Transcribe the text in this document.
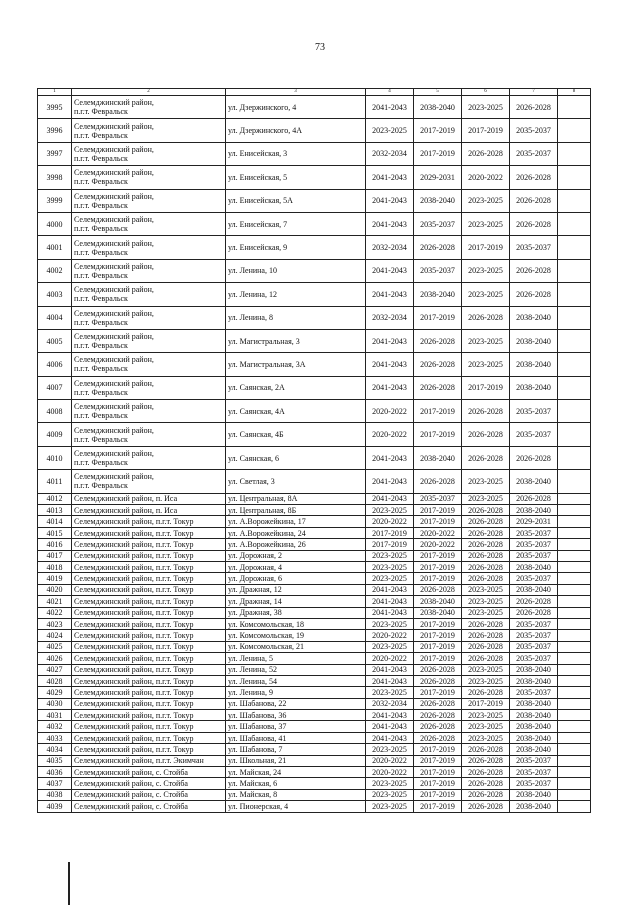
73
1	2	3	4	5	6	7	8
3995	Селемджинский район,
п.г.т. Февральск	ул. Дзержинского, 4	2041-2043	2038-2040	2023-2025	2026-2028	
3996	Селемджинский район,
п.г.т. Февральск	ул. Дзержинского, 4А	2023-2025	2017-2019	2017-2019	2035-2037	
3997	Селемджинский район,
п.г.т. Февральск	ул. Енисейская, 3	2032-2034	2017-2019	2026-2028	2035-2037	
3998	Селемджинский район,
п.г.т. Февральск	ул. Енисейская, 5	2041-2043	2029-2031	2020-2022	2026-2028	
3999	Селемджинский район,
п.г.т. Февральск	ул. Енисейская, 5А	2041-2043	2038-2040	2023-2025	2026-2028	
4000	Селемджинский район,
п.г.т. Февральск	ул. Енисейская, 7	2041-2043	2035-2037	2023-2025	2026-2028	
4001	Селемджинский район,
п.г.т. Февральск	ул. Енисейская, 9	2032-2034	2026-2028	2017-2019	2035-2037	
4002	Селемджинский район,
п.г.т. Февральск	ул. Ленина, 10	2041-2043	2035-2037	2023-2025	2026-2028	
4003	Селемджинский район,
п.г.т. Февральск	ул. Ленина, 12	2041-2043	2038-2040	2023-2025	2026-2028	
4004	Селемджинский район,
п.г.т. Февральск	ул. Ленина, 8	2032-2034	2017-2019	2026-2028	2038-2040	
4005	Селемджинский район,
п.г.т. Февральск	ул. Магистральная, 3	2041-2043	2026-2028	2023-2025	2038-2040	
4006	Селемджинский район,
п.г.т. Февральск	ул. Магистральная, 3А	2041-2043	2026-2028	2023-2025	2038-2040	
4007	Селемджинский район,
п.г.т. Февральск	ул. Саянская, 2А	2041-2043	2026-2028	2017-2019	2038-2040	
4008	Селемджинский район,
п.г.т. Февральск	ул. Саянская, 4А	2020-2022	2017-2019	2026-2028	2035-2037	
4009	Селемджинский район,
п.г.т. Февральск	ул. Саянская, 4Б	2020-2022	2017-2019	2026-2028	2035-2037	
4010	Селемджинский район,
п.г.т. Февральск	ул. Саянская, 6	2041-2043	2038-2040	2026-2028	2026-2028	
4011	Селемджинский район,
п.г.т. Февральск	ул. Светлая, 3	2041-2043	2026-2028	2023-2025	2038-2040	
4012	Селемджинский район, п. Иса	ул. Центральная, 8А	2041-2043	2035-2037	2023-2025	2026-2028	
4013	Селемджинский район, п. Иса	ул. Центральная, 8Б	2023-2025	2017-2019	2026-2028	2038-2040	
4014	Селемджинский район, п.г.т. Токур	ул. А.Ворожейкина, 17	2020-2022	2017-2019	2026-2028	2029-2031	
4015	Селемджинский район, п.г.т. Токур	ул. А.Ворожейкина, 24	2017-2019	2020-2022	2026-2028	2035-2037	
4016	Селемджинский район, п.г.т. Токур	ул. А.Ворожейкина, 26	2017-2019	2020-2022	2026-2028	2035-2037	
4017	Селемджинский район, п.г.т. Токур	ул. Дорожная, 2	2023-2025	2017-2019	2026-2028	2035-2037	
4018	Селемджинский район, п.г.т. Токур	ул. Дорожная, 4	2023-2025	2017-2019	2026-2028	2038-2040	
4019	Селемджинский район, п.г.т. Токур	ул. Дорожная, 6	2023-2025	2017-2019	2026-2028	2035-2037	
4020	Селемджинский район, п.г.т. Токур	ул. Дражная, 12	2041-2043	2026-2028	2023-2025	2038-2040	
4021	Селемджинский район, п.г.т. Токур	ул. Дражная, 14	2041-2043	2038-2040	2023-2025	2026-2028	
4022	Селемджинский район, п.г.т. Токур	ул. Дражная, 38	2041-2043	2038-2040	2023-2025	2026-2028	
4023	Селемджинский район, п.г.т. Токур	ул. Комсомольская, 18	2023-2025	2017-2019	2026-2028	2035-2037	
4024	Селемджинский район, п.г.т. Токур	ул. Комсомольская, 19	2020-2022	2017-2019	2026-2028	2035-2037	
4025	Селемджинский район, п.г.т. Токур	ул. Комсомольская, 21	2023-2025	2017-2019	2026-2028	2035-2037	
4026	Селемджинский район, п.г.т. Токур	ул. Ленина, 5	2020-2022	2017-2019	2026-2028	2035-2037	
4027	Селемджинский район, п.г.т. Токур	ул. Ленина, 52	2041-2043	2026-2028	2023-2025	2038-2040	
4028	Селемджинский район, п.г.т. Токур	ул. Ленина, 54	2041-2043	2026-2028	2023-2025	2038-2040	
4029	Селемджинский район, п.г.т. Токур	ул. Ленина, 9	2023-2025	2017-2019	2026-2028	2035-2037	
4030	Селемджинский район, п.г.т. Токур	ул. Шабанова, 22	2032-2034	2026-2028	2017-2019	2038-2040	
4031	Селемджинский район, п.г.т. Токур	ул. Шабанова, 36	2041-2043	2026-2028	2023-2025	2038-2040	
4032	Селемджинский район, п.г.т. Токур	ул. Шабанова, 37	2041-2043	2026-2028	2023-2025	2038-2040	
4033	Селемджинский район, п.г.т. Токур	ул. Шабанова, 41	2041-2043	2026-2028	2023-2025	2038-2040	
4034	Селемджинский район, п.г.т. Токур	ул. Шабанова, 7	2023-2025	2017-2019	2026-2028	2038-2040	
4035	Селемджинский район, п.г.т. Экимчан	ул. Школьная, 21	2020-2022	2017-2019	2026-2028	2035-2037	
4036	Селемджинский район, с. Стойба	ул. Майская, 24	2020-2022	2017-2019	2026-2028	2035-2037	
4037	Селемджинский район, с. Стойба	ул. Майская, 6	2023-2025	2017-2019	2026-2028	2035-2037	
4038	Селемджинский район, с. Стойба	ул. Майская, 8	2023-2025	2017-2019	2026-2028	2038-2040	
4039	Селемджинский район, с. Стойба	ул. Пионерская, 4	2023-2025	2017-2019	2026-2028	2038-2040	
